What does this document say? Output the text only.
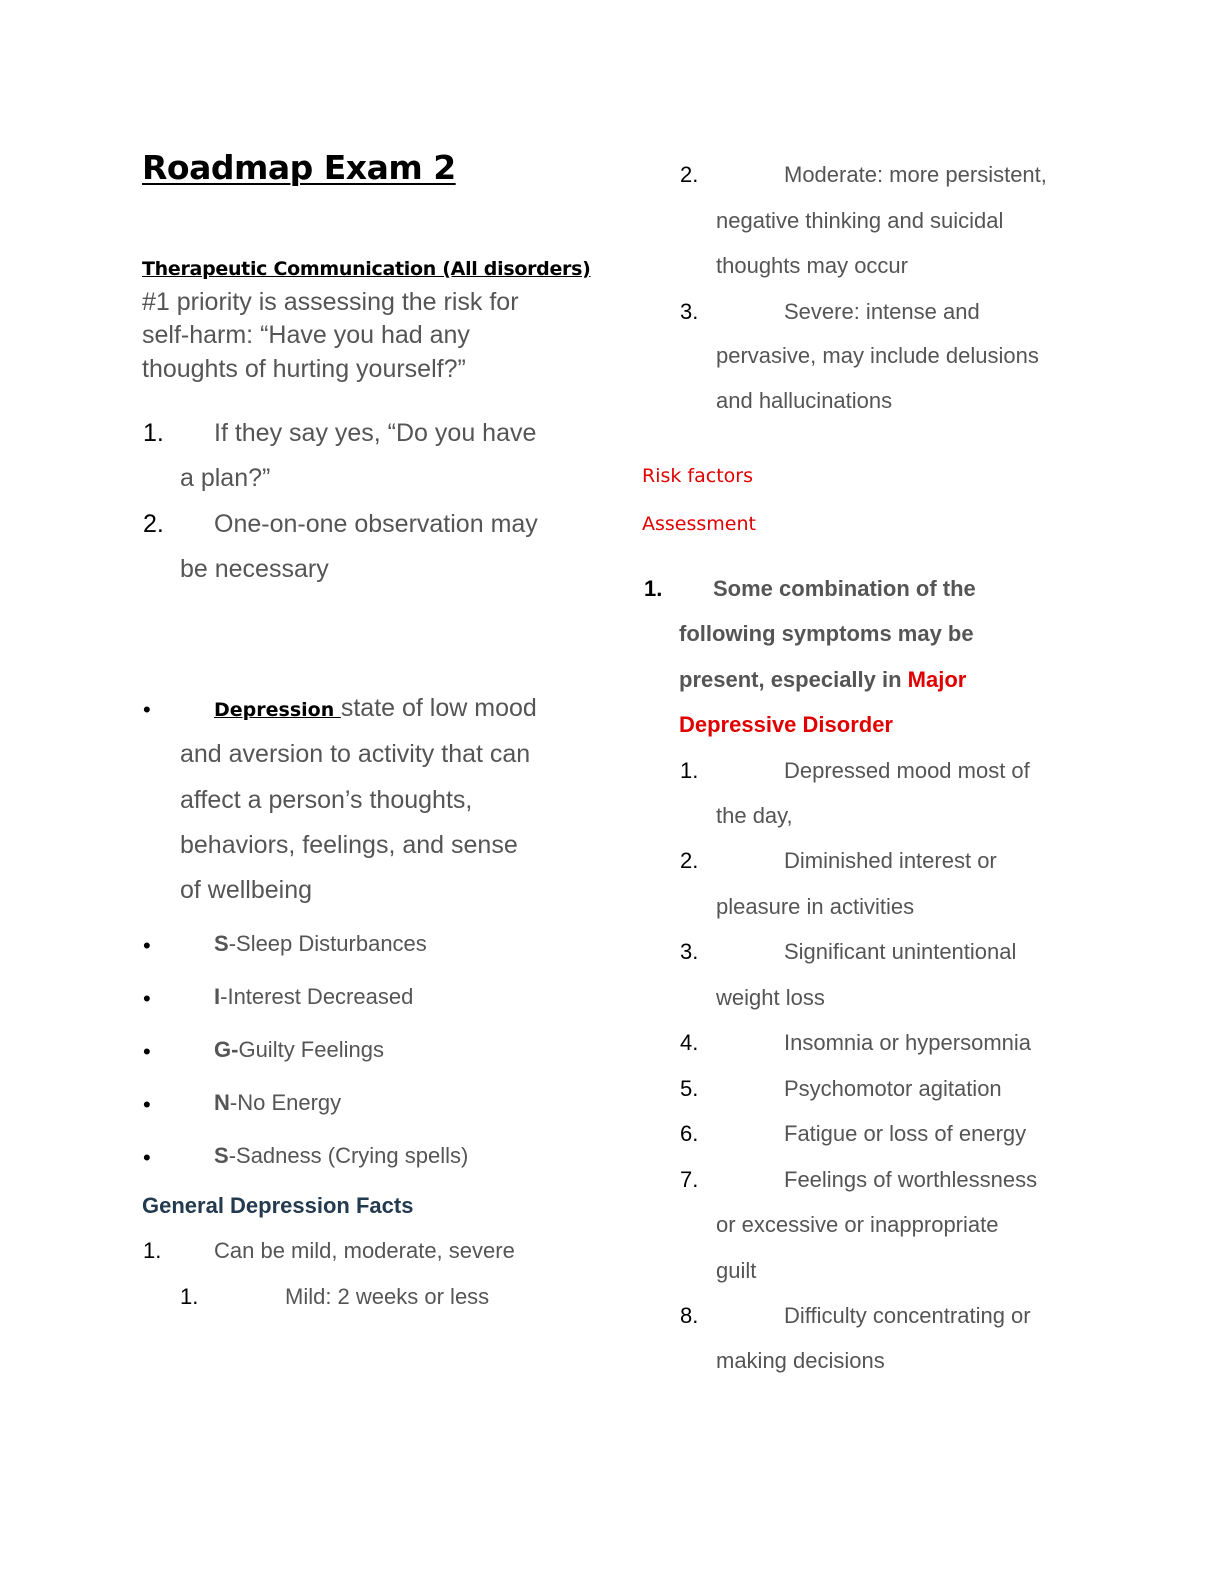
Roadmap Exam 2
Therapeutic Communication (All disorders)
#1 priority is assessing the risk for
self-harm: “Have you had any
thoughts of hurting yourself?”
1. If they say yes, “Do you have
a plan?”
2. One-on-one observation may
be necessary
•	Depression state of low mood
and aversion to activity that can
affect a person’s thoughts,
behaviors, feelings, and sense
of wellbeing
•	S-Sleep Disturbances
•	I-Interest Decreased
•	G-Guilty Feelings
•	N-No Energy
•	S-Sadness (Crying spells)
General Depression Facts
1. Can be mild, moderate, severe
1.	Mild: 2 weeks or less
2.	Moderate: more persistent,
negative thinking and suicidal
thoughts may occur
3.	Severe: intense and
pervasive, may include delusions
and hallucinations
Risk factors
Assessment
1. Some combination of the
following symptoms may be
present, especially in Major
Depressive Disorder
1.	Depressed mood most of
the day,
2.	Diminished interest or
pleasure in activities
3.	Significant unintentional
weight loss
4.	Insomnia or hypersomnia
5.	Psychomotor agitation
6.	Fatigue or loss of energy
7.	Feelings of worthlessness
or excessive or inappropriate
guilt
8.	Difficulty concentrating or
making decisions
